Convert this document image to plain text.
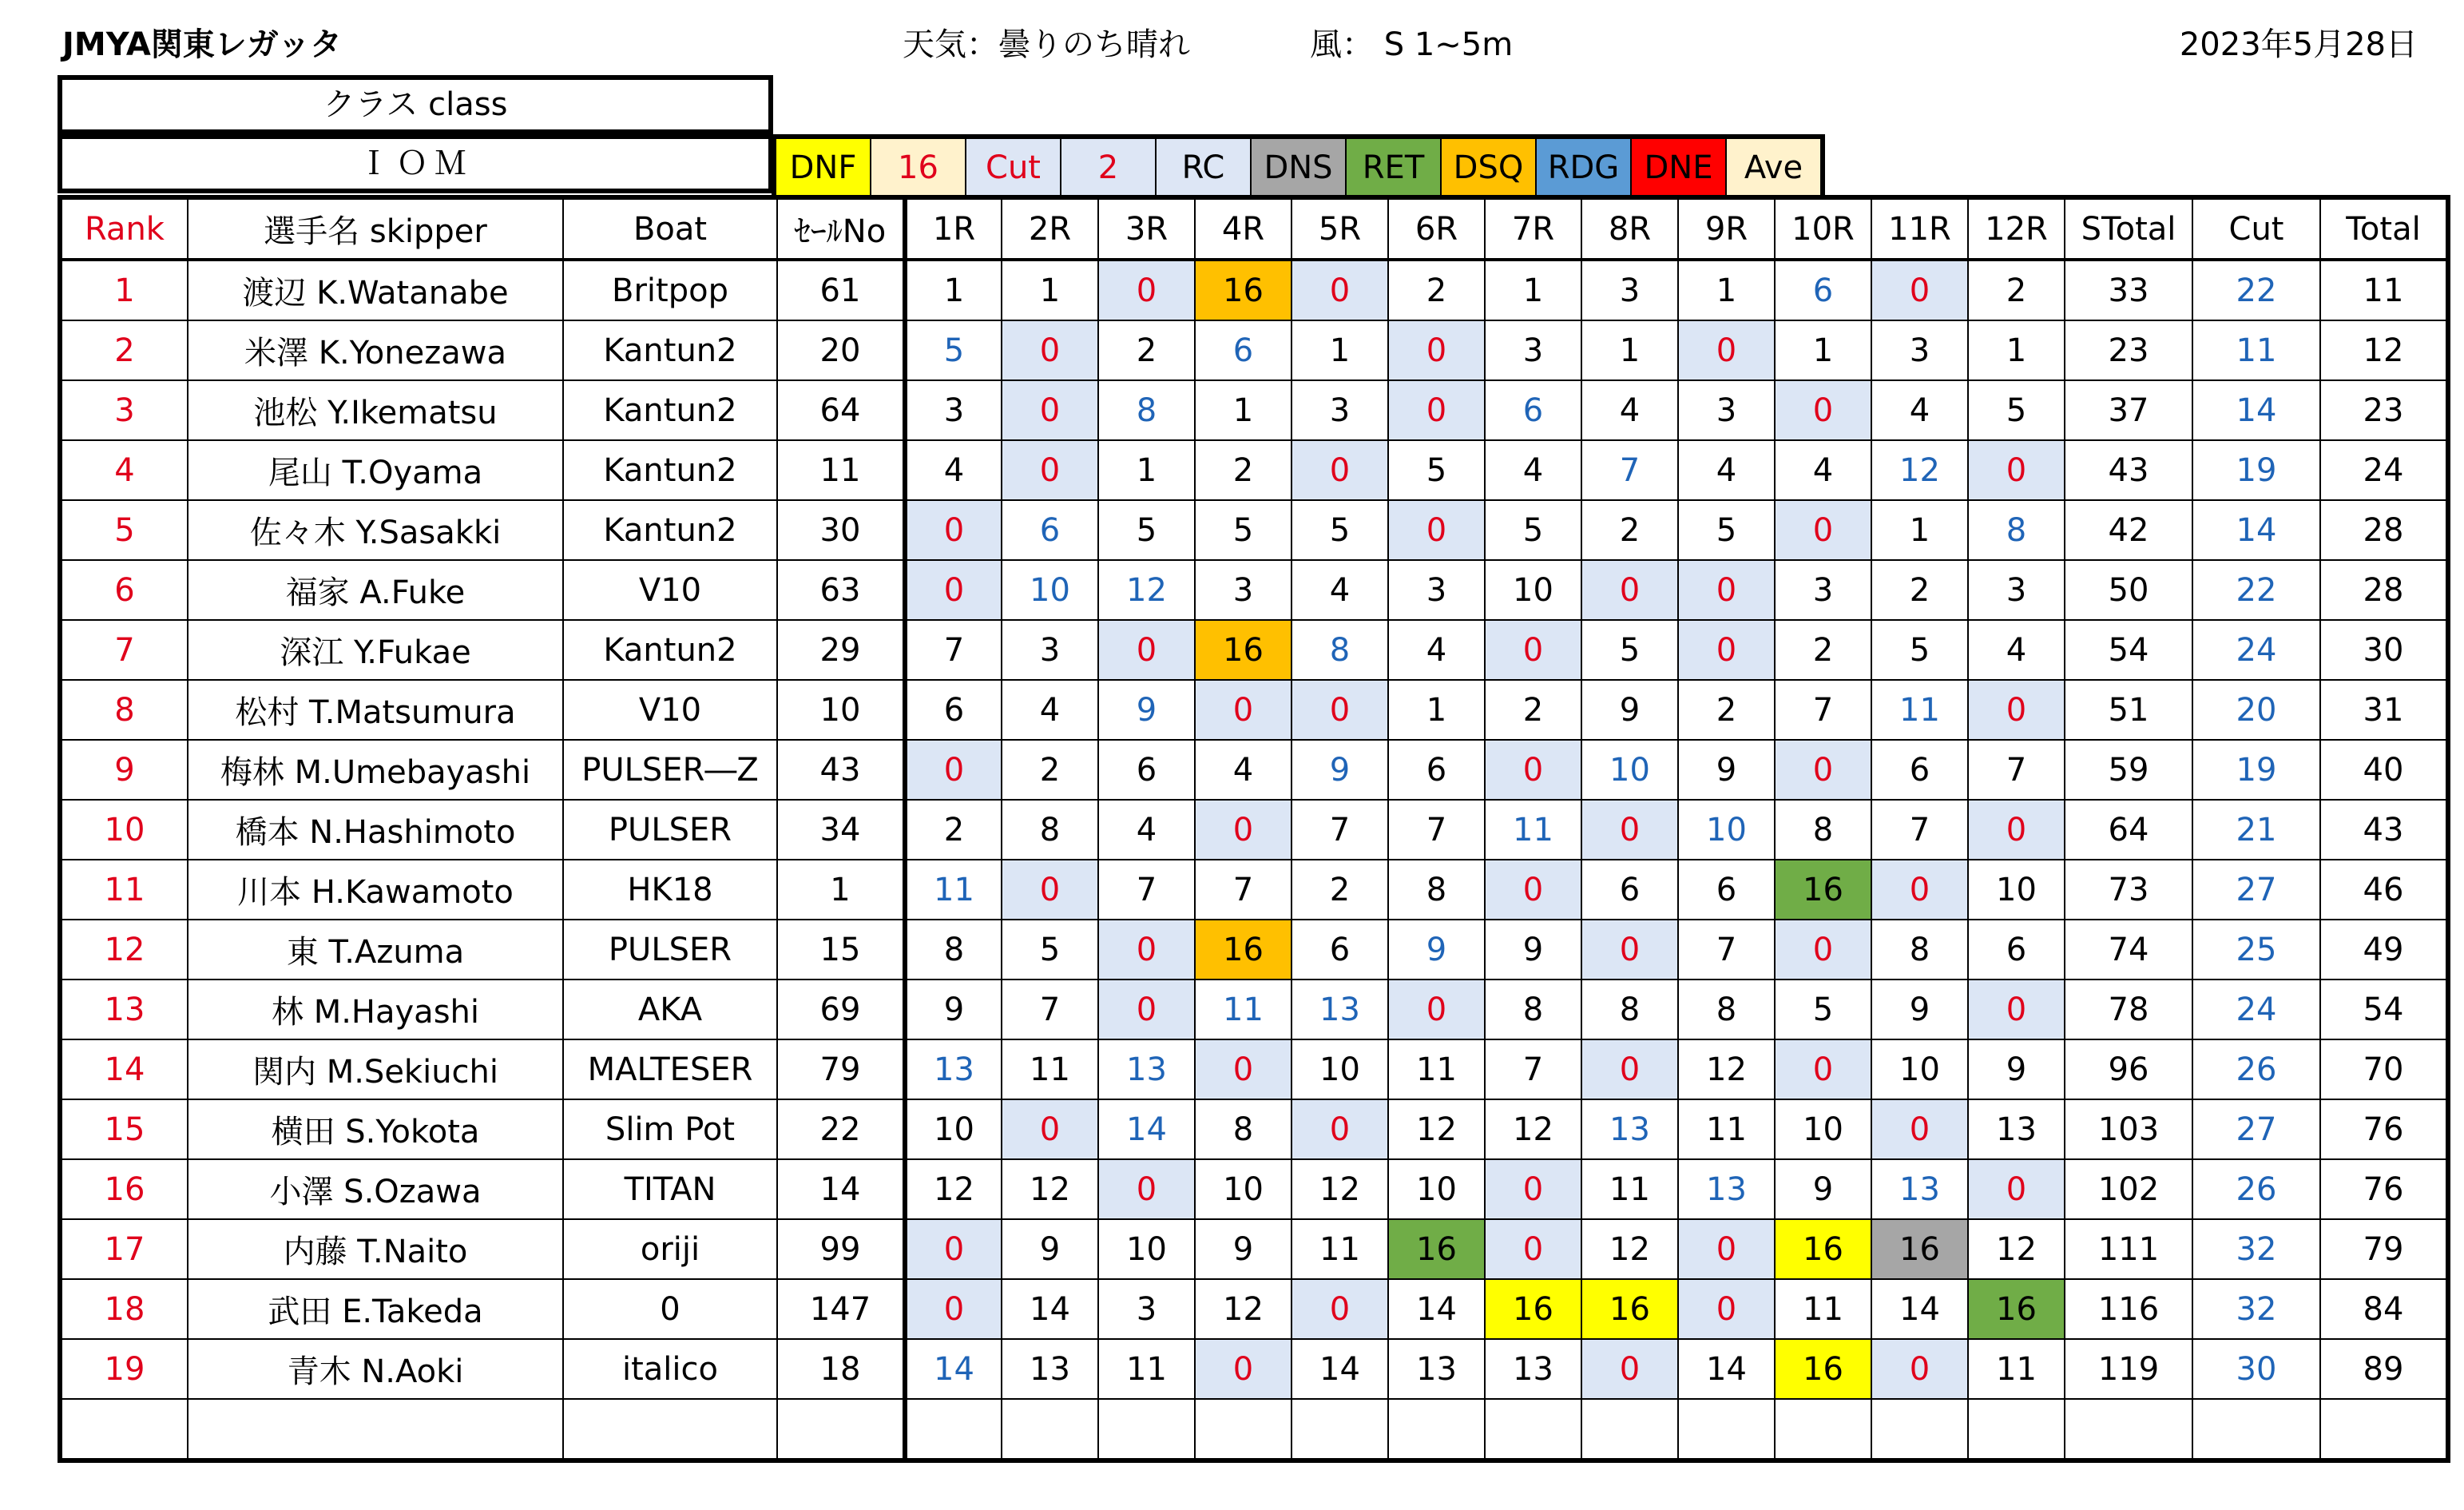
JMYA関東レガッタ	天気：曇りのち晴れ	風： S 1~5m	2023年5月28日
クラス class
ＩＯＭ	DNF	16	Cut	2	RC	DNS RET DSQ RDG DNE Ave
Rank	選手名 skipper	Boat	ｾｰﾙNo	1R	2R	3R	4R	5R	6R	7R	8R	9R	10R	11R	12R	STotal	Cut	Total
1	渡辺 K.Watanabe	Britpop	61	1	1	0	16	0	2	1	3	1	6	0	2	33	22	11
2	米澤 K.Yonezawa	Kantun2	20	5	0	2	6	1	0	3	1	0	1	3	1	23	11	12
3	池松 Y.Ikematsu	Kantun2	64	3	0	8	1	3	0	6	4	3	0	4	5	37	14	23
4	尾山 T.Oyama	Kantun2	11	4	0	1	2	0	5	4	7	4	4	12	0	43	19	24
5	佐々木 Y.Sasakki	Kantun2	30	0	6	5	5	5	0	5	2	5	0	1	8	42	14	28
6	福家 A.Fuke	V10	63	0	10	12	3	4	3	10	0	0	3	2	3	50	22	28
7	深江 Y.Fukae	Kantun2	29	7	3	0	16	8	4	0	5	0	2	5	4	54	24	30
8	松村 T.Matsumura	V10	10	6	4	9	0	0	1	2	9	2	7	11	0	51	20	31
9	梅林 M.Umebayashi	PULSER―Z	43	0	2	6	4	9	6	0	10	9	0	6	7	59	19	40
10	橋本 N.Hashimoto	PULSER	34	2	8	4	0	7	7	11	0	10	8	7	0	64	21	43
11	川本 H.Kawamoto	HK18	1	11	0	7	7	2	8	0	6	6	16	0	10	73	27	46
12	東 T.Azuma	PULSER	15	8	5	0	16	6	9	9	0	7	0	8	6	74	25	49
13	林 M.Hayashi	AKA	69	9	7	0	11	13	0	8	8	8	5	9	0	78	24	54
14	関内 M.Sekiuchi	MALTESER	79	13	11	13	0	10	11	7	0	12	0	10	9	96	26	70
15	横田 S.Yokota	Slim Pot	22	10	0	14	8	0	12	12	13	11	10	0	13	103	27	76
16	小澤 S.Ozawa	TITAN	14	12	12	0	10	12	10	0	11	13	9	13	0	102	26	76
17	内藤 T.Naito	oriji	99	0	9	10	9	11	16	0	12	0	16	16	12	111	32	79
18	武田 E.Takeda	0	147	0	14	3	12	0	14	16	16	0	11	14	16	116	32	84
19	青木 N.Aoki	italico	18	14	13	11	0	14	13	13	0	14	16	0	11	119	30	89
